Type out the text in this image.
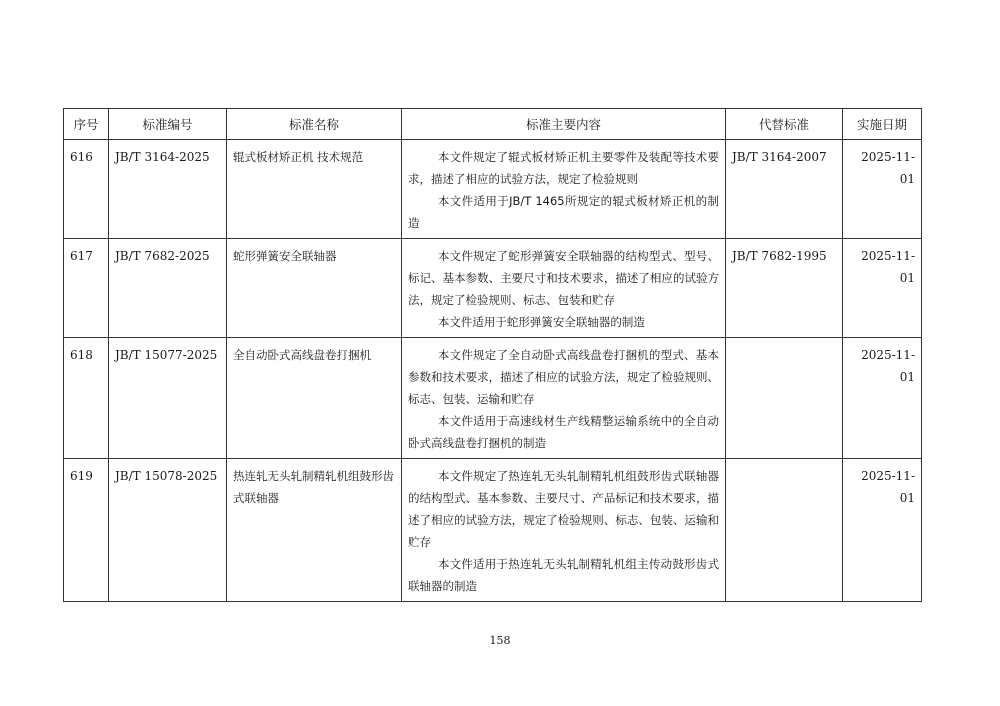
序号	标准编号	标准名称	标准主要内容	代替标准	实施日期
616	JB/T 3164-2025	辊式板材矫正机 技术规范	本文件规定了辊式板材矫正机主要零件及装配等技术要求，描述了相应的试验方法，规定了检验规则

本文件适用于JB/T 1465所规定的辊式板材矫正机的制造	JB/T 3164-2007	2025-11-01
617	JB/T 7682-2025	蛇形弹簧安全联轴器	本文件规定了蛇形弹簧安全联轴器的结构型式、型号、标记、基本参数、主要尺寸和技术要求，描述了相应的试验方法，规定了检验规则、标志、包装和贮存

本文件适用于蛇形弹簧安全联轴器的制造	JB/T 7682-1995	2025-11-01
618	JB/T 15077-2025	全自动卧式高线盘卷打捆机	本文件规定了全自动卧式高线盘卷打捆机的型式、基本参数和技术要求，描述了相应的试验方法，规定了检验规则、标志、包装、运输和贮存

本文件适用于高速线材生产线精整运输系统中的全自动卧式高线盘卷打捆机的制造		2025-11-01
619	JB/T 15078-2025	热连轧无头轧制精轧机组鼓形齿式联轴器	本文件规定了热连轧无头轧制精轧机组鼓形齿式联轴器的结构型式、基本参数、主要尺寸、产品标记和技术要求，描述了相应的试验方法，规定了检验规则、标志、包装、运输和贮存

本文件适用于热连轧无头轧制精轧机组主传动鼓形齿式联轴器的制造		2025-11-01
158
